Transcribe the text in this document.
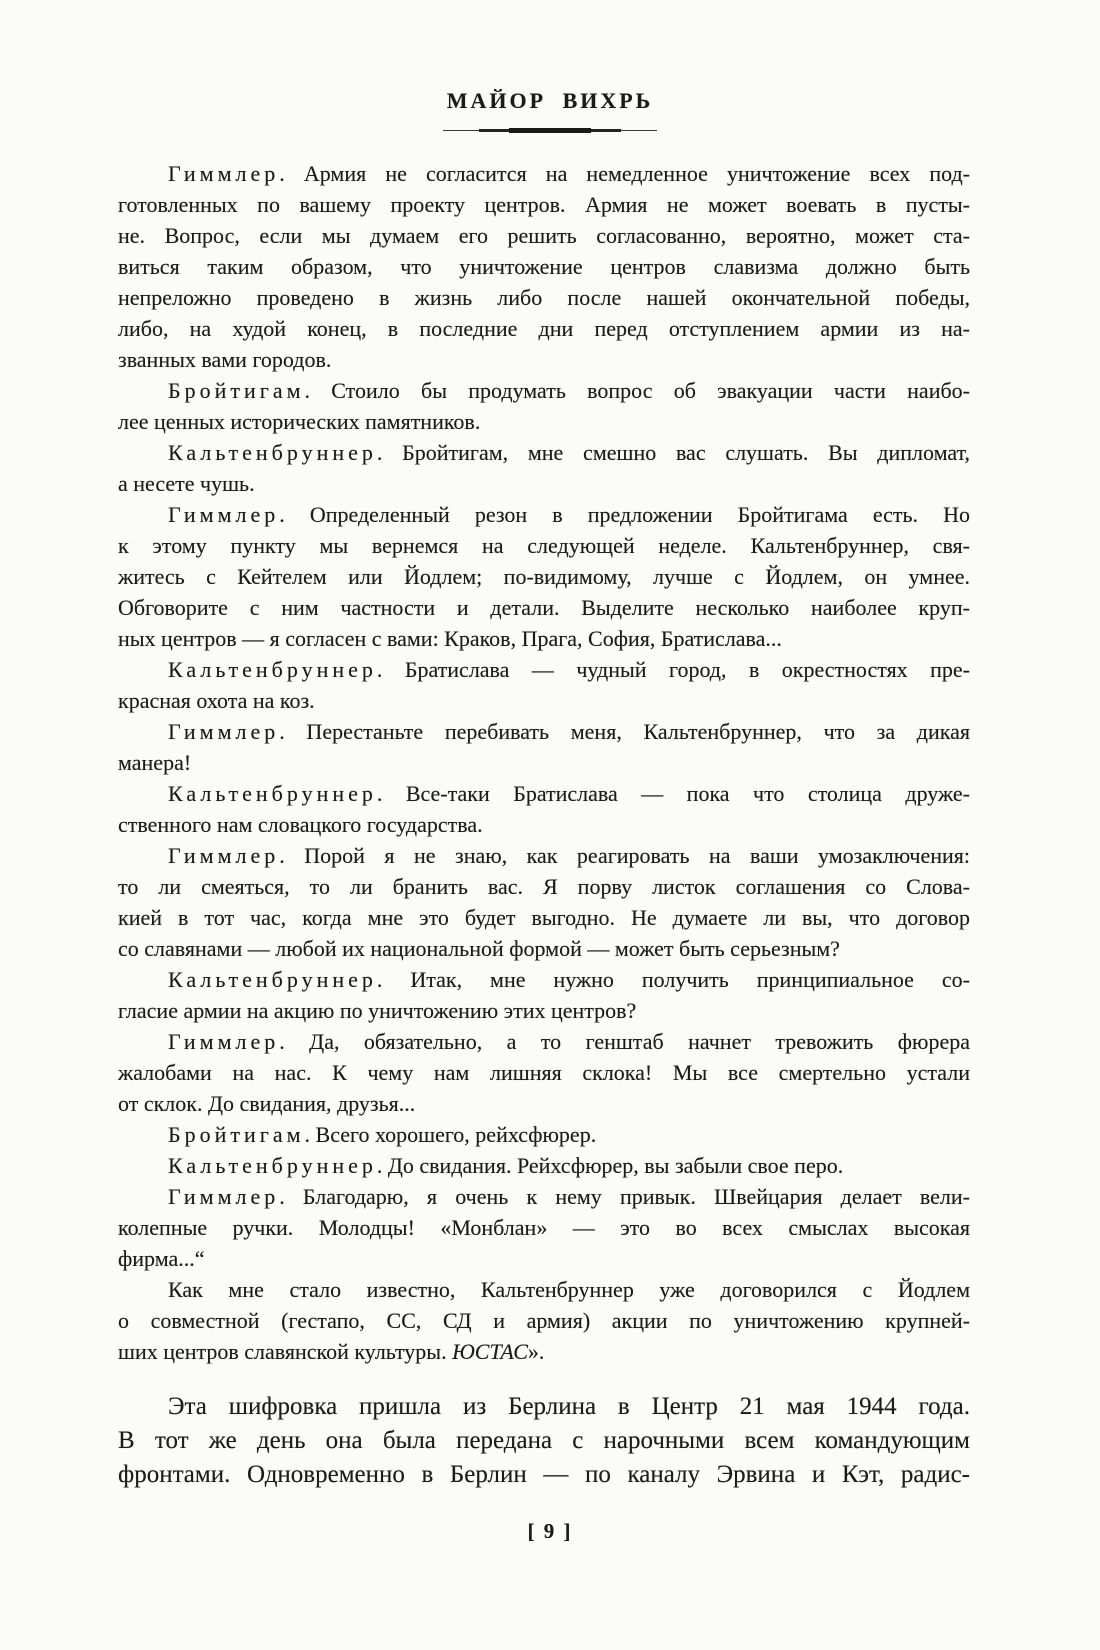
МАЙОР ВИХРЬ
Гиммлер. Армия не согласится на немедленное уничтожение всех под-
готовленных по вашему проекту центров. Армия не может воевать в пусты-
не. Вопрос, если мы думаем его решить согласованно, вероятно, может ста-
виться таким образом, что уничтожение центров славизма должно быть
непреложно проведено в жизнь либо после нашей окончательной победы,
либо, на худой конец, в последние дни перед отступлением армии из на-
званных вами городов.
Бройтигам. Стоило бы продумать вопрос об эвакуации части наибо-
лее ценных исторических памятников.
Кальтенбруннер. Бройтигам, мне смешно вас слушать. Вы дипломат,
а несете чушь.
Гиммлер. Определенный резон в предложении Бройтигама есть. Но
к этому пункту мы вернемся на следующей неделе. Кальтенбруннер, свя-
житесь с Кейтелем или Йодлем; по-видимому, лучше с Йодлем, он умнее.
Обговорите с ним частности и детали. Выделите несколько наиболее круп-
ных центров — я согласен с вами: Краков, Прага, София, Братислава...
Кальтенбруннер. Братислава — чудный город, в окрестностях пре-
красная охота на коз.
Гиммлер. Перестаньте перебивать меня, Кальтенбруннер, что за дикая
манера!
Кальтенбруннер. Все-таки Братислава — пока что столица друже-
ственного нам словацкого государства.
Гиммлер. Порой я не знаю, как реагировать на ваши умозаключения:
то ли смеяться, то ли бранить вас. Я порву листок соглашения со Слова-
кией в тот час, когда мне это будет выгодно. Не думаете ли вы, что договор
со славянами — любой их национальной формой — может быть серьезным?
Кальтенбруннер. Итак, мне нужно получить принципиальное со-
гласие армии на акцию по уничтожению этих центров?
Гиммлер. Да, обязательно, а то генштаб начнет тревожить фюрера
жалобами на нас. К чему нам лишняя склока! Мы все смертельно устали
от склок. До свидания, друзья...
Бройтигам. Всего хорошего, рейхсфюрер.
Кальтенбруннер. До свидания. Рейхсфюрер, вы забыли свое перо.
Гиммлер. Благодарю, я очень к нему привык. Швейцария делает вели-
колепные ручки. Молодцы! «Монблан» — это во всех смыслах высокая
фирма...“
Как мне стало известно, Кальтенбруннер уже договорился с Йодлем
о совместной (гестапо, СС, СД и армия) акции по уничтожению крупней-
ших центров славянской культуры. ЮСТАС».
Эта шифровка пришла из Берлина в Центр 21 мая 1944 года.
В тот же день она была передана с нарочными всем командующим
фронтами. Одновременно в Берлин — по каналу Эрвина и Кэт, радис-
[ 9 ]
